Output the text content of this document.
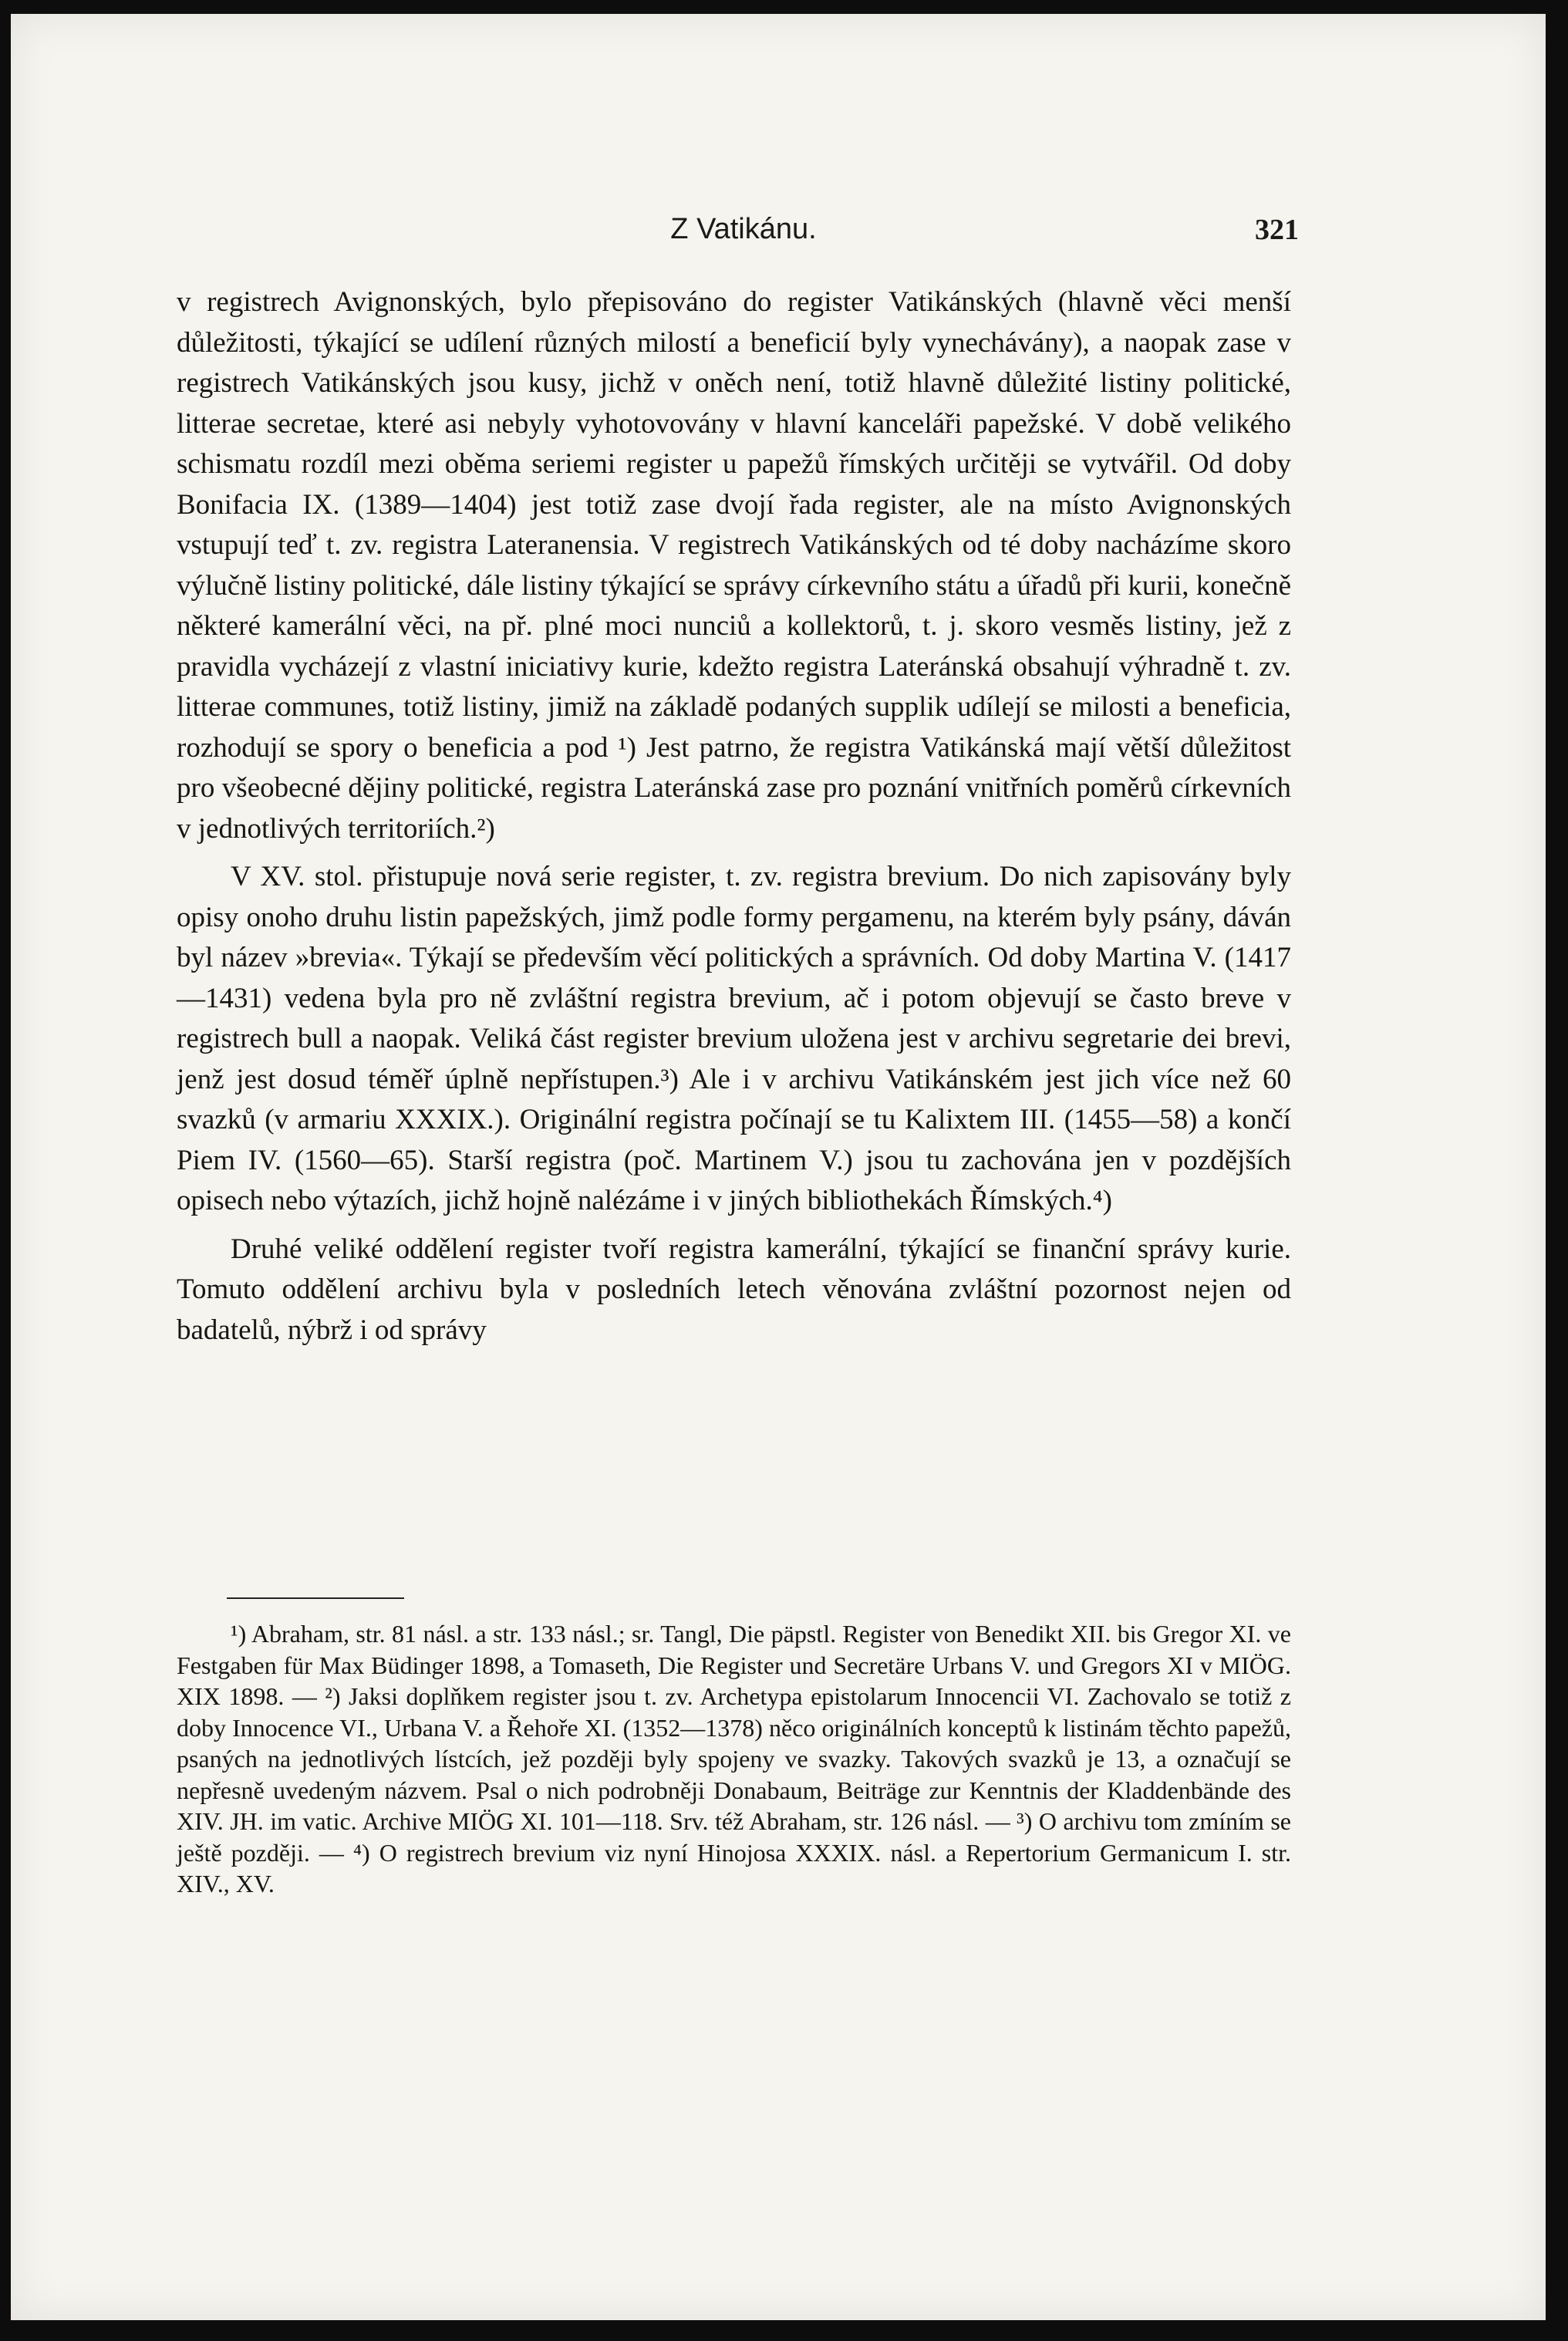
Z Vatikánu.	321

v registrech Avignonských, bylo přepisováno do register Vatikánských (hlavně věci menší důležitosti, týkající se udílení různých milostí a beneficií byly vynechávány), a naopak zase v registrech Vatikánských jsou kusy, jichž v oněch není, totiž hlavně důležité listiny politické, litterae secretae, které asi nebyly vyhotovovány v hlavní kanceláři papežské. V době velikého schismatu rozdíl mezi oběma seriemi register u papežů římských určitěji se vytvářil. Od doby Bonifacia IX. (1389—1404) jest totiž zase dvojí řada register, ale na místo Avignonských vstupují teď t. zv. registra Lateranensia. V registrech Vatikánských od té doby nacházíme skoro výlučně listiny politické, dále listiny týkající se správy církevního státu a úřadů při kurii, konečně některé kamerální věci, na př. plné moci nunciů a kollektorů, t. j. skoro vesměs listiny, jež z pravidla vycházejí z vlastní iniciativy kurie, kdežto registra Lateránská obsahují výhradně t. zv. litterae communes, totiž listiny, jimiž na základě podaných supplik udílejí se milosti a beneficia, rozhodují se spory o beneficia a pod ¹) Jest patrno, že registra Vatikánská mají větší důležitost pro všeobecné dějiny politické, registra Lateránská zase pro poznání vnitřních poměrů církevních v jednotlivých territoriích.²)

V XV. stol. přistupuje nová serie register, t. zv. registra brevium. Do nich zapisovány byly opisy onoho druhu listin papežských, jimž podle formy pergamenu, na kterém byly psány, dáván byl název »brevia«. Týkají se především věcí politických a správních. Od doby Martina V. (1417—1431) vedena byla pro ně zvláštní registra brevium, ač i potom objevují se často breve v registrech bull a naopak. Veliká část register brevium uložena jest v archivu segretarie dei brevi, jenž jest dosud téměř úplně nepřístupen.³) Ale i v archivu Vatikánském jest jich více než 60 svazků (v armariu XXXIX.). Originální registra počínají se tu Kalixtem III. (1455—58) a končí Piem IV. (1560—65). Starší registra (poč. Martinem V.) jsou tu zachována jen v pozdějších opisech nebo výtazích, jichž hojně nalézáme i v jiných bibliothekách Římských.⁴)

Druhé veliké oddělení register tvoří registra kamerální, týkající se finanční správy kurie. Tomuto oddělení archivu byla v posledních letech věnována zvláštní pozornost nejen od badatelů, nýbrž i od správy

¹) Abraham, str. 81 násl. a str. 133 násl.; sr. Tangl, Die päpstl. Register von Benedikt XII. bis Gregor XI. ve Festgaben für Max Büdinger 1898, a Tomaseth, Die Register und Secretäre Urbans V. und Gregors XI v MIÖG. XIX 1898. — ²) Jaksi doplňkem register jsou t. zv. Archetypa epistolarum Innocencii VI. Zachovalo se totiž z doby Innocence VI., Urbana V. a Řehoře XI. (1352—1378) něco originálních konceptů k listinám těchto papežů, psaných na jednotlivých lístcích, jež později byly spojeny ve svazky. Takových svazků je 13, a označují se nepřesně uvedeným názvem. Psal o nich podrobněji Donabaum, Beiträge zur Kenntnis der Kladdenbände des XIV. JH. im vatic. Archive MIÖG XI. 101—118. Srv. též Abraham, str. 126 násl. — ³) O archivu tom zmíním se ještě později. — ⁴) O registrech brevium viz nyní Hinojosa XXXIX. násl. a Repertorium Germanicum I. str. XIV., XV.
